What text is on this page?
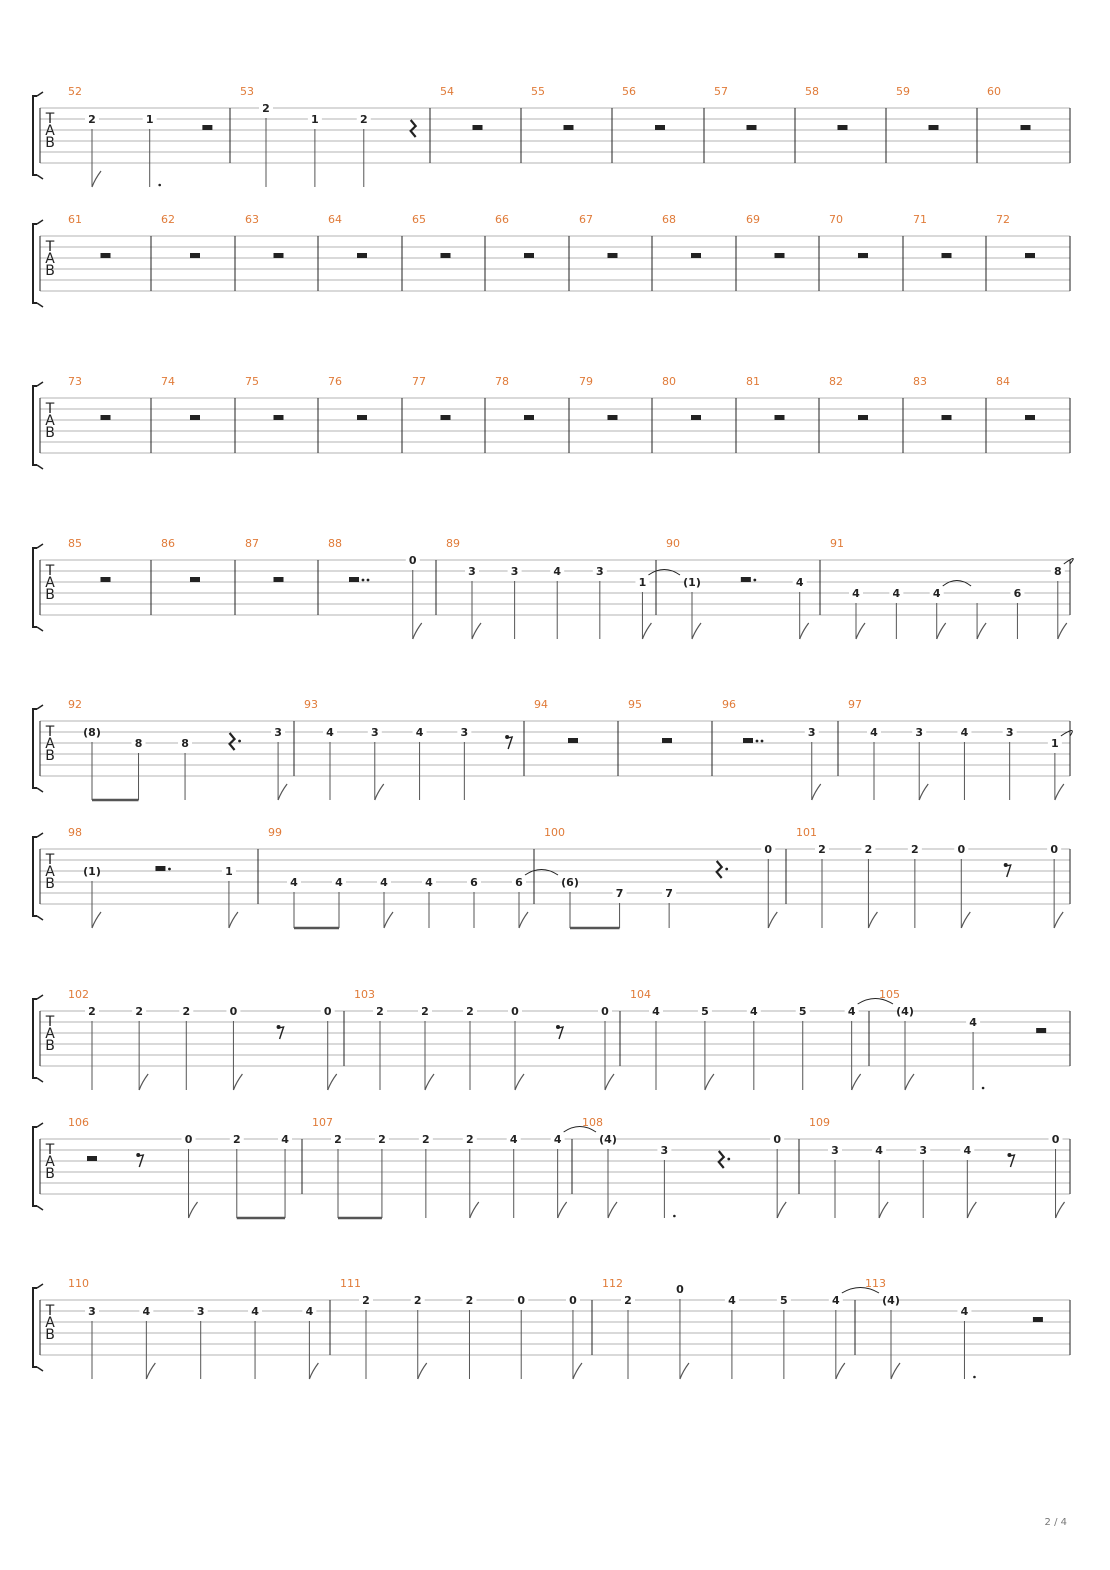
T
A
B
52
2	1
53
2
1	2
54	55	56	57	58	59	60
T
A
B
61	62	63	64	65	66	67	68	69	70	71	72
T
A
B
73	74	75	76	77	78	79	80	81	82	83	84
T
A
B
85	86	87	88
0
89
3	3	4	3
1
90
(1)	4
91
4	4	4	6
8
T
A
B
92
(8)
8	8
3
93
4	3	4	3
94	95	96
3
97
4	3	4	3
1
T
A
B
98
(1)	1
99
4	4	4	4	6	6
100
(6)
7	7
0
101
2	2	2	0	0
T
A
B
102
2	2	2	0	0
103
2	2	2	0	0
104
4	5	4	5	4
105
(4)
4
T
A
B
106
0	2	4
107
2	2	2	2	4	4
108
(4)
3
0
109
3	4	3	4
0
T
A
B
110
3	4	3	4	4
111
2	2	2	0	0
112
2
0
4	5	4
113
(4)
4
2 / 4
